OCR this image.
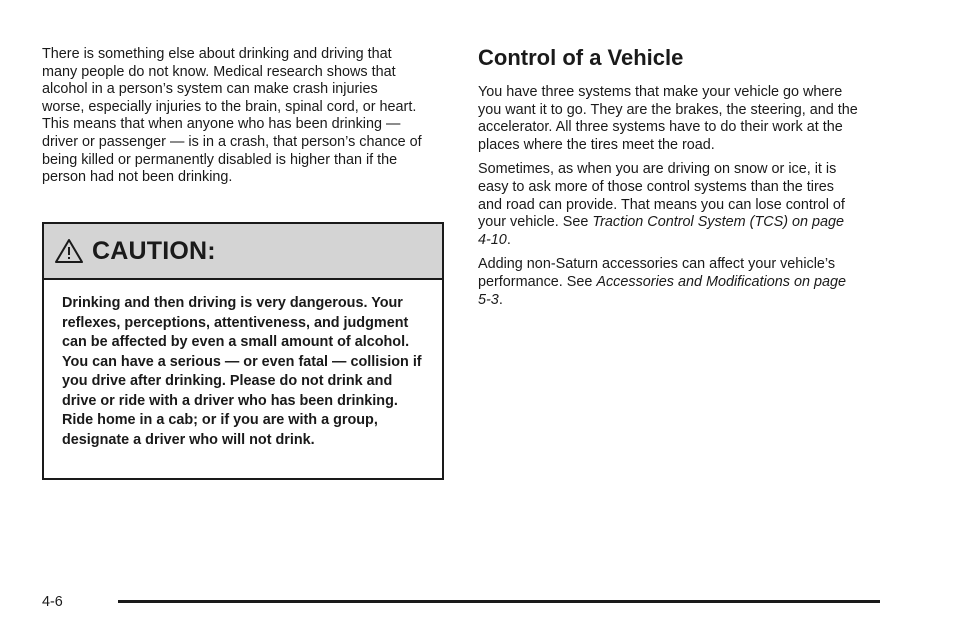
There is something else about drinking and driving that many people do not know. Medical research shows that alcohol in a person’s system can make crash injuries worse, especially injuries to the brain, spinal cord, or heart. This means that when anyone who has been drinking — driver or passenger — is in a crash, that person’s chance of being killed or permanently disabled is higher than if the person had not been drinking.

CAUTION:
Drinking and then driving is very dangerous. Your reflexes, perceptions, attentiveness, and judgment can be affected by even a small amount of alcohol. You can have a serious — or even fatal — collision if you drive after drinking. Please do not drink and drive or ride with a driver who has been drinking. Ride home in a cab; or if you are with a group, designate a driver who will not drink.
Control of a Vehicle

You have three systems that make your vehicle go where you want it to go. They are the brakes, the steering, and the accelerator. All three systems have to do their work at the places where the tires meet the road.

Sometimes, as when you are driving on snow or ice, it is easy to ask more of those control systems than the tires and road can provide. That means you can lose control of your vehicle. See Traction Control System (TCS) on page 4-10.

Adding non-Saturn accessories can affect your vehicle’s performance. See Accessories and Modifications on page 5-3.

4-6
